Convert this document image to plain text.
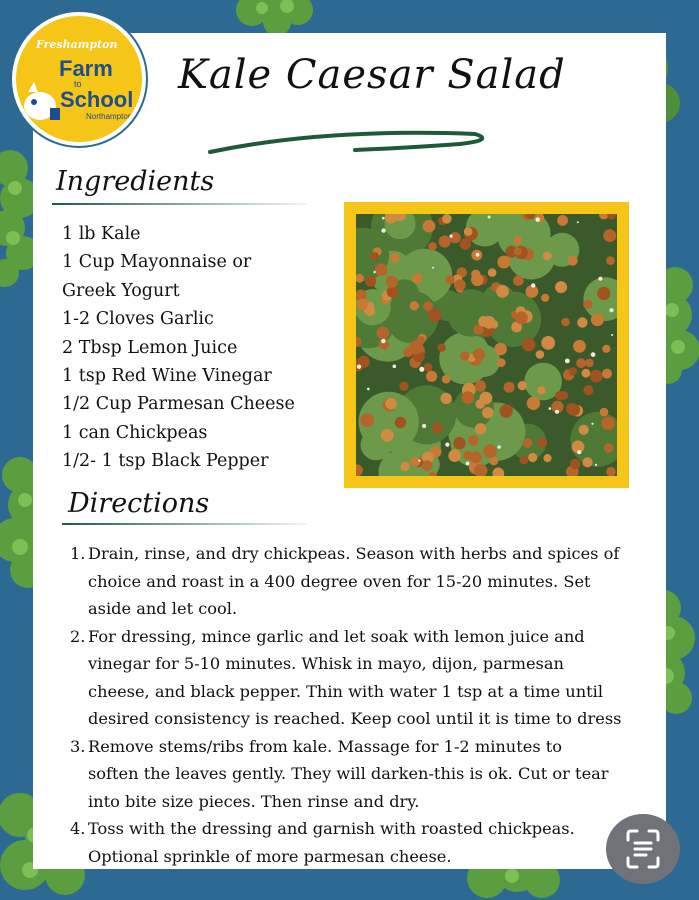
Freshampton
Farm
to
School
Northampton
Kale Caesar Salad
Ingredients
1 lb Kale
1 Cup Mayonnaise or
Greek Yogurt
1-2 Cloves Garlic
2 Tbsp Lemon Juice
1 tsp Red Wine Vinegar
1/2 Cup Parmesan Cheese
1 can Chickpeas
1/2- 1 tsp Black Pepper
Directions
1. Drain, rinse, and dry chickpeas. Season with herbs and spices of
choice and roast in a 400 degree oven for 15-20 minutes. Set
aside and let cool.
2. For dressing, mince garlic and let soak with lemon juice and
vinegar for 5-10 minutes. Whisk in mayo, dijon, parmesan
cheese, and black pepper. Thin with water 1 tsp at a time until
desired consistency is reached. Keep cool until it is time to dress
3. Remove stems/ribs from kale. Massage for 1-2 minutes to
soften the leaves gently. They will darken-this is ok. Cut or tear
into bite size pieces. Then rinse and dry.
4. Toss with the dressing and garnish with roasted chickpeas.
Optional sprinkle of more parmesan cheese.
